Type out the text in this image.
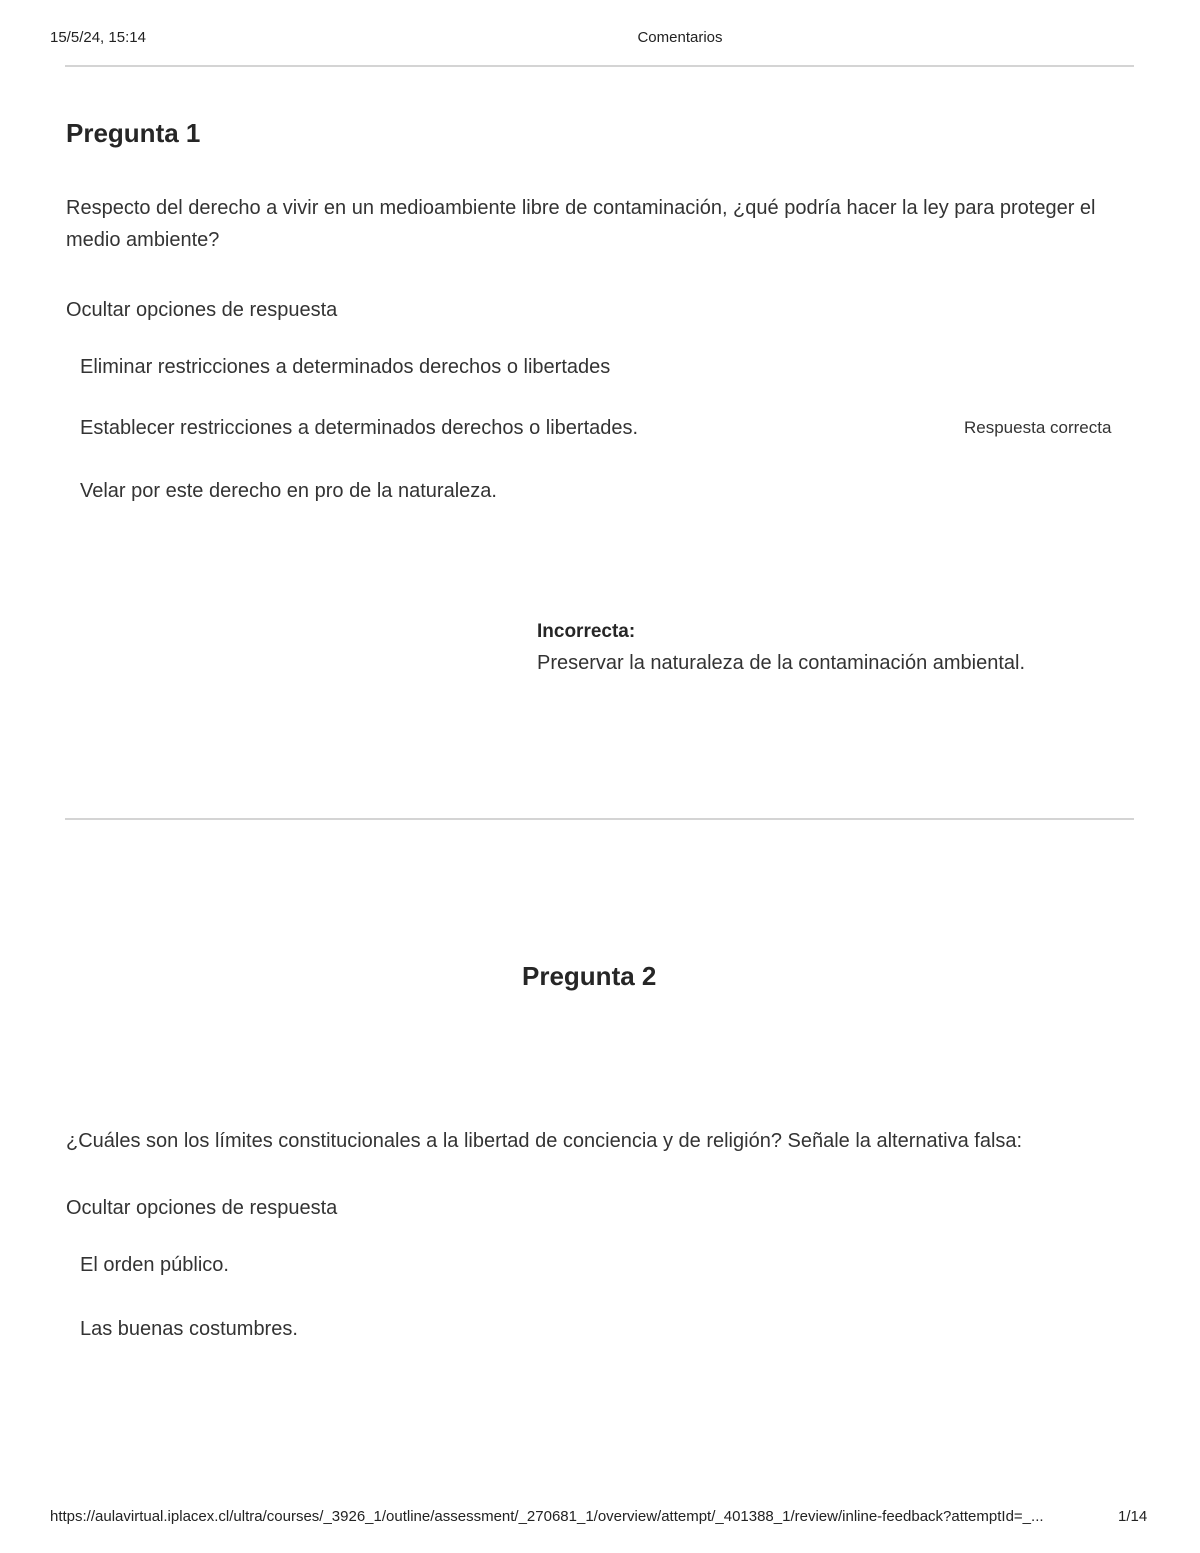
15/5/24, 15:14	Comentarios
Pregunta 1

Respecto del derecho a vivir en un medioambiente libre de contaminación, ¿qué podría hacer la ley para proteger el medio ambiente?

Ocultar opciones de respuesta
Eliminar restricciones a determinados derechos o libertades
Establecer restricciones a determinados derechos o libertades.	Respuesta correcta
Velar por este derecho en pro de la naturaleza.
Incorrecta:
Preservar la naturaleza de la contaminación ambiental.
Pregunta 2

¿Cuáles son los límites constitucionales a la libertad de conciencia y de religión? Señale la alternativa falsa:

Ocultar opciones de respuesta
El orden público.
Las buenas costumbres.
https://aulavirtual.iplacex.cl/ultra/courses/_3926_1/outline/assessment/_270681_1/overview/attempt/_401388_1/review/inline-feedback?attemptId=_...	1/14
